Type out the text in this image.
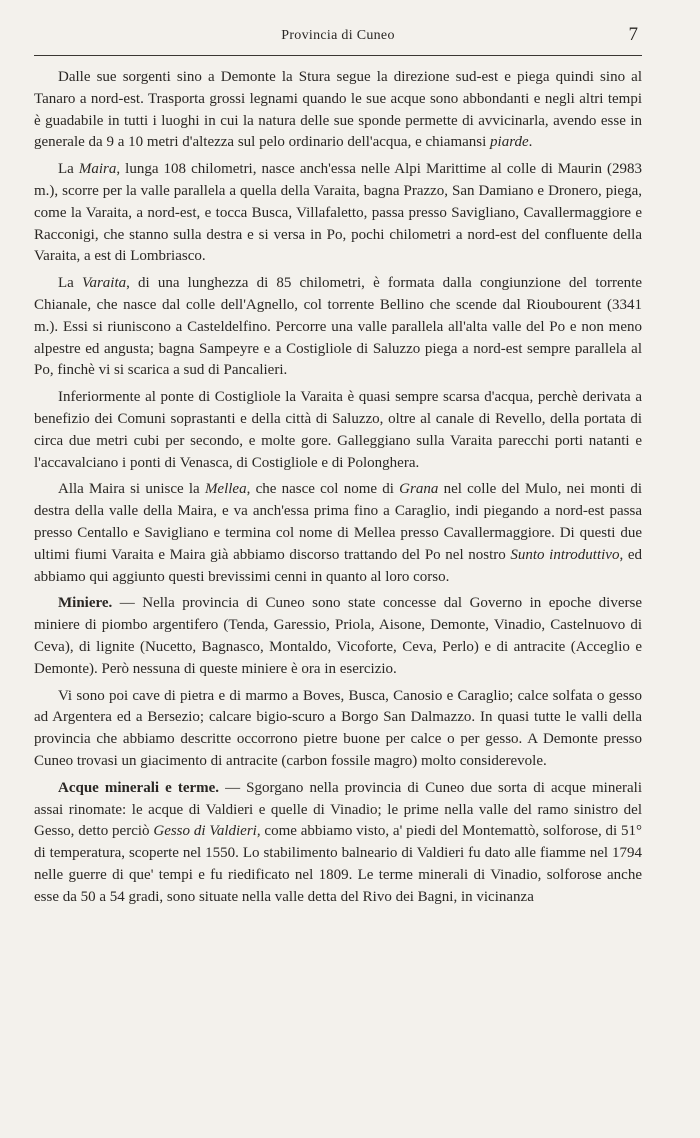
Provincia di Cuneo	7

Dalle sue sorgenti sino a Demonte la Stura segue la direzione sud-est e piega quindi sino al Tanaro a nord-est. Trasporta grossi legnami quando le sue acque sono abbondanti e negli altri tempi è guadabile in tutti i luoghi in cui la natura delle sue sponde permette di avvicinarla, avendo esse in generale da 9 a 10 metri d'altezza sul pelo ordinario dell'acqua, e chiamansi piarde.

La Maira, lunga 108 chilometri, nasce anch'essa nelle Alpi Marittime al colle di Maurin (2983 m.), scorre per la valle parallela a quella della Varaita, bagna Prazzo, San Damiano e Dronero, piega, come la Varaita, a nord-est, e tocca Busca, Villafaletto, passa presso Savigliano, Cavallermaggiore e Racconigi, che stanno sulla destra e si versa in Po, pochi chilometri a nord-est del confluente della Varaita, a est di Lombriasco.

La Varaita, di una lunghezza di 85 chilometri, è formata dalla congiunzione del torrente Chianale, che nasce dal colle dell'Agnello, col torrente Bellino che scende dal Rioubourent (3341 m.). Essi si riuniscono a Casteldelfino. Percorre una valle parallela all'alta valle del Po e non meno alpestre ed angusta; bagna Sampeyre e a Costigliole di Saluzzo piega a nord-est sempre parallela al Po, finchè vi si scarica a sud di Pancalieri.

Inferiormente al ponte di Costigliole la Varaita è quasi sempre scarsa d'acqua, perchè derivata a benefizio dei Comuni soprastanti e della città di Saluzzo, oltre al canale di Revello, della portata di circa due metri cubi per secondo, e molte gore. Galleggiano sulla Varaita parecchi porti natanti e l'accavalciano i ponti di Venasca, di Costigliole e di Polonghera.

Alla Maira si unisce la Mellea, che nasce col nome di Grana nel colle del Mulo, nei monti di destra della valle della Maira, e va anch'essa prima fino a Caraglio, indi piegando a nord-est passa presso Centallo e Savigliano e termina col nome di Mellea presso Cavallermaggiore. Di questi due ultimi fiumi Varaita e Maira già abbiamo discorso trattando del Po nel nostro Sunto introduttivo, ed abbiamo qui aggiunto questi brevissimi cenni in quanto al loro corso.

Miniere. — Nella provincia di Cuneo sono state concesse dal Governo in epoche diverse miniere di piombo argentifero (Tenda, Garessio, Priola, Aisone, Demonte, Vinadio, Castelnuovo di Ceva), di lignite (Nucetto, Bagnasco, Montaldo, Vicoforte, Ceva, Perlo) e di antracite (Acceglio e Demonte). Però nessuna di queste miniere è ora in esercizio.

Vi sono poi cave di pietra e di marmo a Boves, Busca, Canosio e Caraglio; calce solfata o gesso ad Argentera ed a Bersezio; calcare bigio-scuro a Borgo San Dalmazzo. In quasi tutte le valli della provincia che abbiamo descritte occorrono pietre buone per calce o per gesso. A Demonte presso Cuneo trovasi un giacimento di antracite (carbon fossile magro) molto considerevole.

Acque minerali e terme. — Sgorgano nella provincia di Cuneo due sorta di acque minerali assai rinomate: le acque di Valdieri e quelle di Vinadio; le prime nella valle del ramo sinistro del Gesso, detto perciò Gesso di Valdieri, come abbiamo visto, a' piedi del Montemattò, solforose, di 51° di temperatura, scoperte nel 1550. Lo stabilimento balneario di Valdieri fu dato alle fiamme nel 1794 nelle guerre di que' tempi e fu riedificato nel 1809. Le terme minerali di Vinadio, solforose anche esse da 50 a 54 gradi, sono situate nella valle detta del Rivo dei Bagni, in vicinanza
